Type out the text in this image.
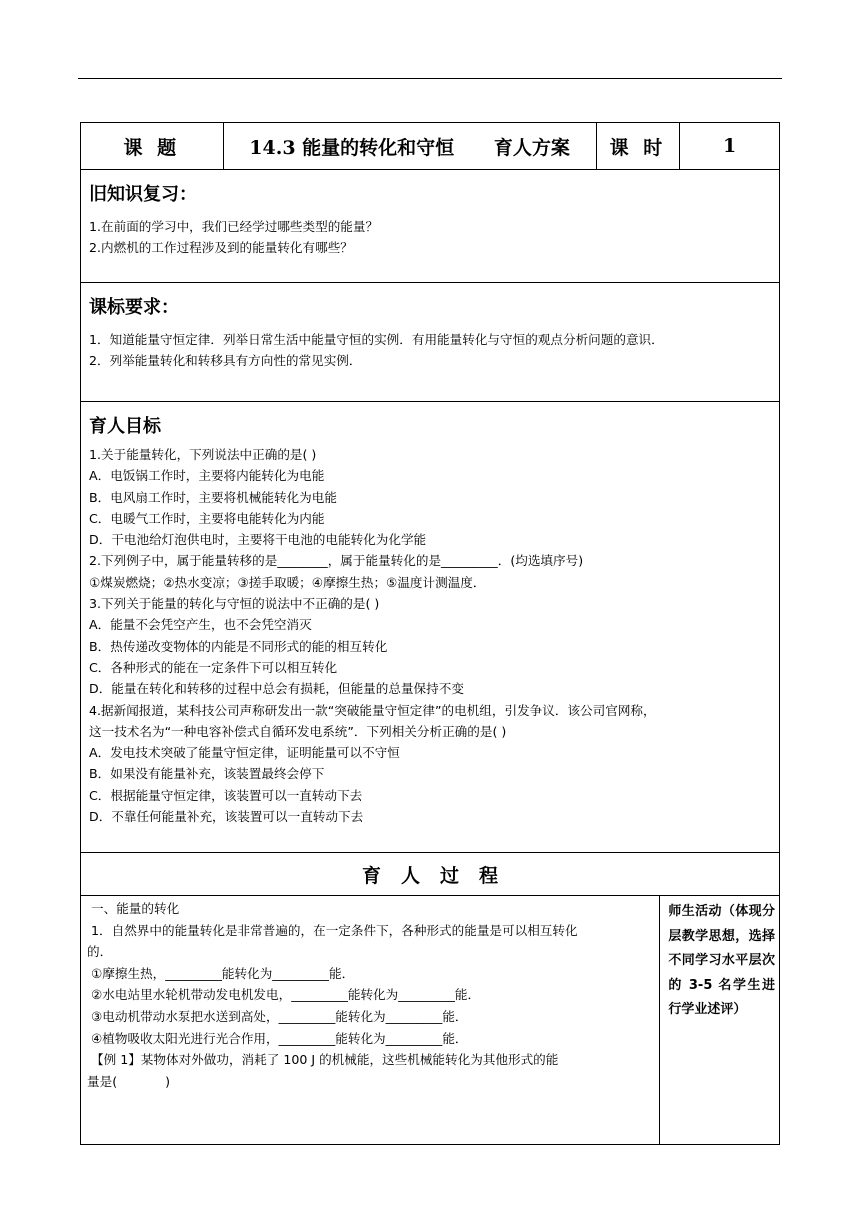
课 题	14.3 能量的转化和守恒      育人方案	课 时	1
旧知识复习：
1.在前面的学习中，我们已经学过哪些类型的能量？
2.内燃机的工作过程涉及到的能量转化有哪些？
课标要求：
1．知道能量守恒定律．列举日常生活中能量守恒的实例．有用能量转化与守恒的观点分析问题的意识．
2．列举能量转化和转移具有方向性的常见实例．
育人目标
1.关于能量转化，下列说法中正确的是( )
A．电饭锅工作时，主要将内能转化为电能
B．电风扇工作时，主要将机械能转化为电能
C．电暖气工作时，主要将电能转化为内能
D．干电池给灯泡供电时，主要将干电池的电能转化为化学能
2.下列例子中，属于能量转移的是________，属于能量转化的是_________．(均选填序号)
①煤炭燃烧；②热水变凉；③搓手取暖；④摩擦生热；⑤温度计测温度．
3.下列关于能量的转化与守恒的说法中不正确的是( )
A．能量不会凭空产生，也不会凭空消灭
B．热传递改变物体的内能是不同形式的能的相互转化
C．各种形式的能在一定条件下可以相互转化
D．能量在转化和转移的过程中总会有损耗，但能量的总量保持不变
4.据新闻报道，某科技公司声称研发出一款“突破能量守恒定律”的电机组，引发争议．该公司官网称，
这一技术名为“一种电容补偿式自循环发电系统”．下列相关分析正确的是( )
A．发电技术突破了能量守恒定律，证明能量可以不守恒
B．如果没有能量补充，该装置最终会停下
C．根据能量守恒定律，该装置可以一直转动下去
D．不靠任何能量补充，该装置可以一直转动下去
育人过程
一、能量的转化
1．自然界中的能量转化是非常普遍的，在一定条件下，各种形式的能量是可以相互转化
的．
①摩擦生热，_________能转化为_________能．
②水电站里水轮机带动发电机发电，_________能转化为_________能．
③电动机带动水泵把水送到高处，_________能转化为_________能．
④植物吸收太阳光进行光合作用，_________能转化为_________能．
【例 1】某物体对外做功，消耗了 100 J 的机械能，这些机械能转化为其他形式的能
量是(            )
师生活动（体现分层教学思想，选择不同学习水平层次的 3-5 名学生进行学业述评）
